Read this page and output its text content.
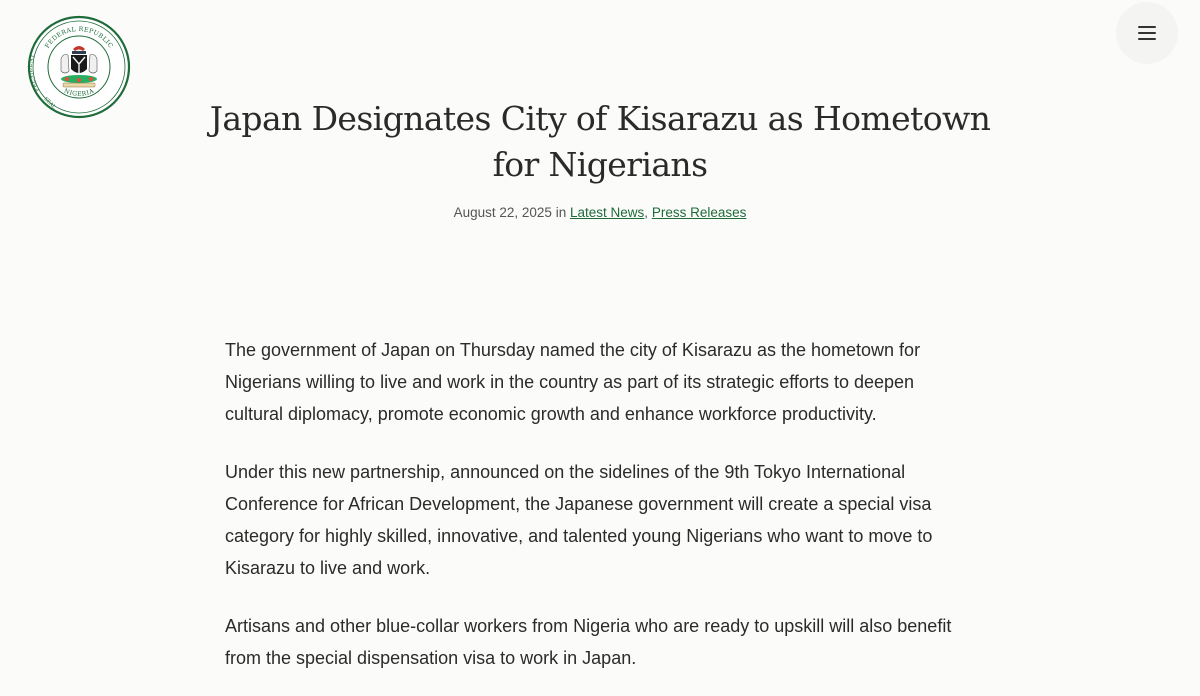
FEDERAL REPUBLIC
NIGERIA
PRESIDENT
SEAL	Japan Designates City of Kisarazu as Hometown for Nigerians
August 22, 2025 in Latest News, Press Releases

The government of Japan on Thursday named the city of Kisarazu as the hometown for Nigerians willing to live and work in the country as part of its strategic efforts to deepen cultural diplomacy, promote economic growth and enhance workforce productivity.

Under this new partnership, announced on the sidelines of the 9th Tokyo International Conference for African Development, the Japanese government will create a special visa category for highly skilled, innovative, and talented young Nigerians who want to move to Kisarazu to live and work.

Artisans and other blue-collar workers from Nigeria who are ready to upskill will also benefit from the special dispensation visa to work in Japan.
